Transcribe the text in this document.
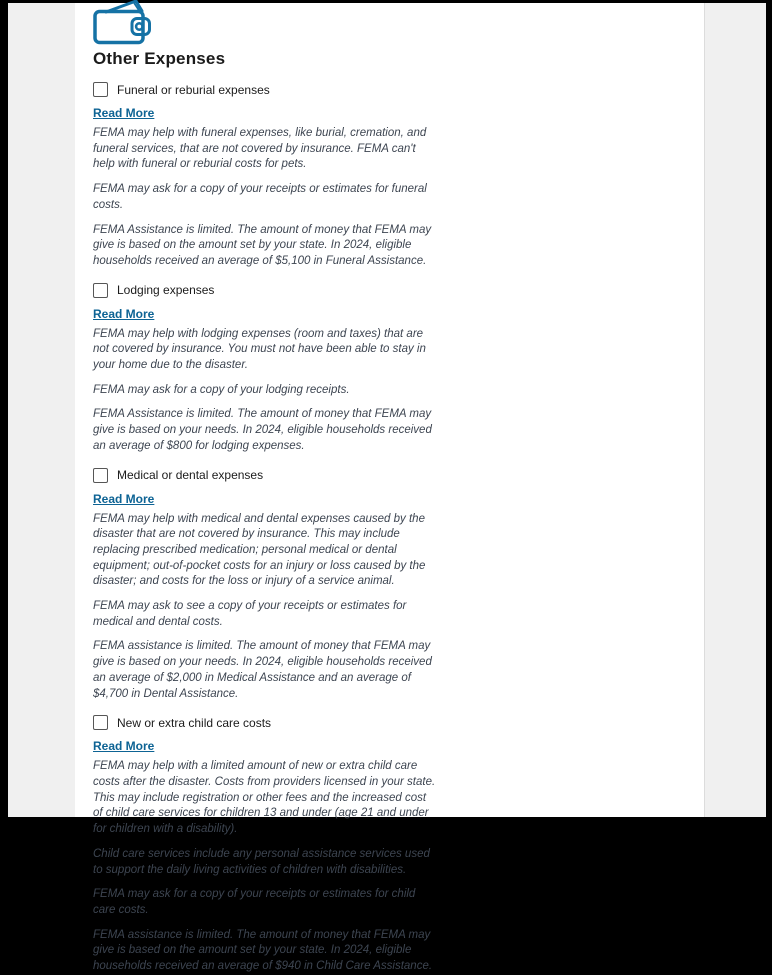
Other Expenses
Funeral or reburial expenses
Read More

FEMA may help with funeral expenses, like burial, cremation, and funeral services, that are not covered by insurance. FEMA can't help with funeral or reburial costs for pets.

FEMA may ask for a copy of your receipts or estimates for funeral costs.

FEMA Assistance is limited. The amount of money that FEMA may give is based on the amount set by your state. In 2024, eligible households received an average of $5,100 in Funeral Assistance.

Lodging expenses
Read More

FEMA may help with lodging expenses (room and taxes) that are not covered by insurance. You must not have been able to stay in your home due to the disaster.

FEMA may ask for a copy of your lodging receipts.

FEMA Assistance is limited. The amount of money that FEMA may give is based on your needs. In 2024, eligible households received an average of $800 for lodging expenses.

Medical or dental expenses
Read More

FEMA may help with medical and dental expenses caused by the disaster that are not covered by insurance. This may include replacing prescribed medication; personal medical or dental equipment; out-of-pocket costs for an injury or loss caused by the disaster; and costs for the loss or injury of a service animal.

FEMA may ask to see a copy of your receipts or estimates for medical and dental costs.

FEMA assistance is limited. The amount of money that FEMA may give is based on your needs. In 2024, eligible households received an average of $2,000 in Medical Assistance and an average of $4,700 in Dental Assistance.

New or extra child care costs
Read More

FEMA may help with a limited amount of new or extra child care costs after the disaster. Costs from providers licensed in your state. This may include registration or other fees and the increased cost of child care services for children 13 and under (age 21 and under for children with a disability).

Child care services include any personal assistance services used to support the daily living activities of children with disabilities.

FEMA may ask for a copy of your receipts or estimates for child care costs.

FEMA assistance is limited. The amount of money that FEMA may give is based on the amount set by your state. In 2024, eligible households received an average of $940 in Child Care Assistance.
